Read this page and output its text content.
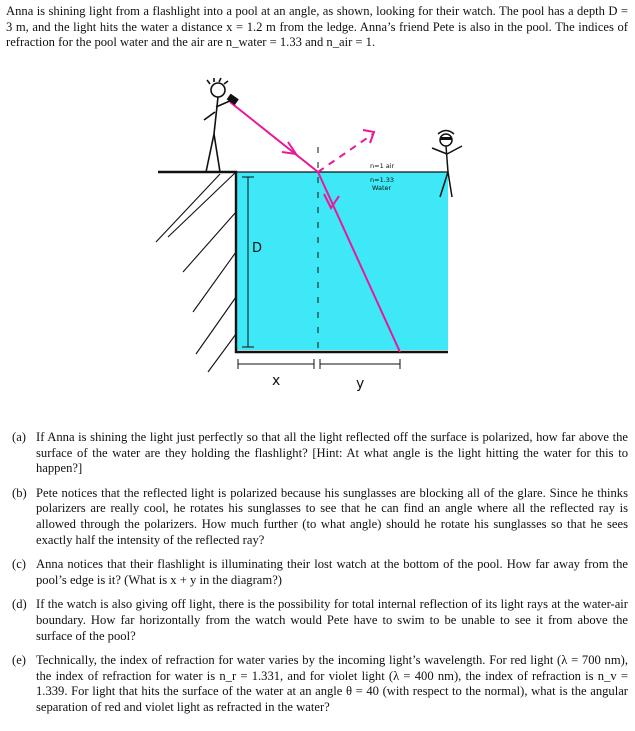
Anna is shining light from a flashlight into a pool at an angle, as shown, looking for their watch. The pool has a depth D = 3 m, and the light hits the water a distance x = 1.2 m from the ledge. Anna’s friend Pete is also in the pool. The indices of refraction for the pool water and the air are n_water = 1.33 and n_air = 1.

D
n=1 air
n=1.33
Water
x	y
(a) If Anna is shining the light just perfectly so that all the light reflected off the surface is polarized, how far above the surface of the water are they holding the flashlight? [Hint: At what angle is the light hitting the water for this to happen?]
(b) Pete notices that the reflected light is polarized because his sunglasses are blocking all of the glare. Since he thinks polarizers are really cool, he rotates his sunglasses to see that he can find an angle where all the reflected ray is allowed through the polarizers. How much further (to what angle) should he rotate his sunglasses so that he sees exactly half the intensity of the reflected ray?
(c) Anna notices that their flashlight is illuminating their lost watch at the bottom of the pool. How far away from the pool’s edge is it? (What is x + y in the diagram?)
(d) If the watch is also giving off light, there is the possibility for total internal reflection of its light rays at the water-air boundary. How far horizontally from the watch would Pete have to swim to be unable to see it from above the surface of the pool?
(e) Technically, the index of refraction for water varies by the incoming light’s wavelength. For red light (λ = 700 nm), the index of refraction for water is n_r = 1.331, and for violet light (λ = 400 nm), the index of refraction is n_v = 1.339. For light that hits the surface of the water at an angle θ = 40 (with respect to the normal), what is the angular separation of red and violet light as refracted in the water?
